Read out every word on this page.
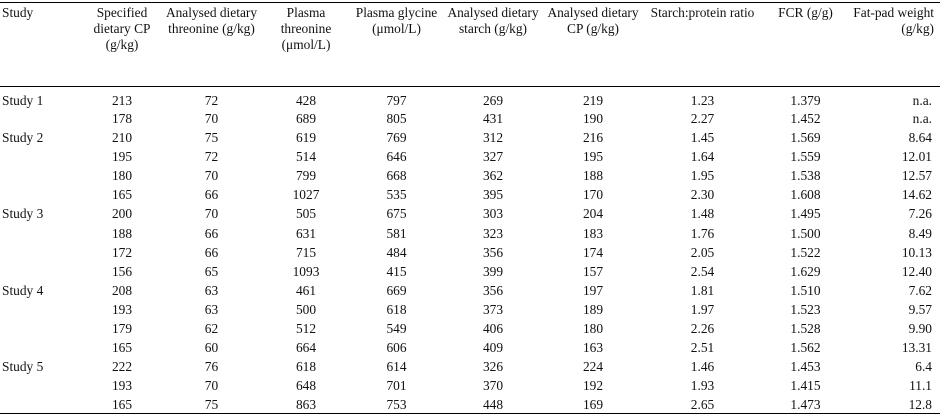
Study	Specified dietary CP (g/kg)	Analysed dietary threonine (g/kg)	Plasma threonine (μmol/L)	Plasma glycine (μmol/L)	Analysed dietary starch (g/kg)	Analysed dietary CP (g/kg)	Starch:protein ratio	FCR (g/g)	Fat-pad weight (g/kg)
Study 1	213	72	428	797	269	219	1.23	1.379	n.a.
	178	70	689	805	431	190	2.27	1.452	n.a.
Study 2	210	75	619	769	312	216	1.45	1.569	8.64
	195	72	514	646	327	195	1.64	1.559	12.01
	180	70	799	668	362	188	1.95	1.538	12.57
	165	66	1027	535	395	170	2.30	1.608	14.62
Study 3	200	70	505	675	303	204	1.48	1.495	7.26
	188	66	631	581	323	183	1.76	1.500	8.49
	172	66	715	484	356	174	2.05	1.522	10.13
	156	65	1093	415	399	157	2.54	1.629	12.40
Study 4	208	63	461	669	356	197	1.81	1.510	7.62
	193	63	500	618	373	189	1.97	1.523	9.57
	179	62	512	549	406	180	2.26	1.528	9.90
	165	60	664	606	409	163	2.51	1.562	13.31
Study 5	222	76	618	614	326	224	1.46	1.453	6.4
	193	70	648	701	370	192	1.93	1.415	11.1
	165	75	863	753	448	169	2.65	1.473	12.8
